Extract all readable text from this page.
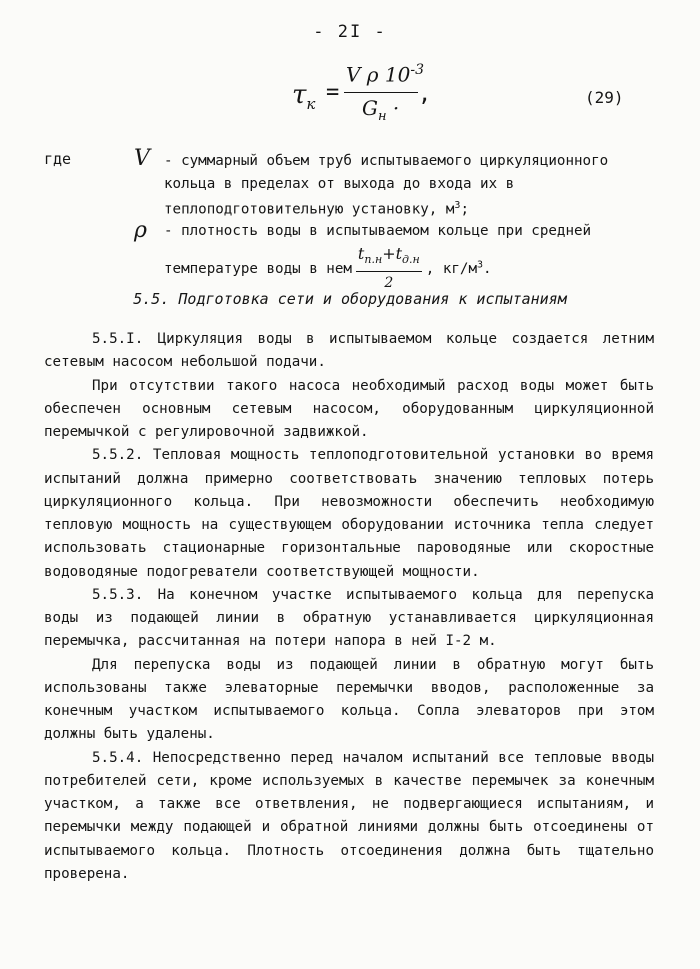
- 2I -
$\tau_к$ =
V ρ $10^{-3}$
$G_н$ ·
,	(29)
где	V - суммарный объем труб испытываемого циркуляционного кольца в пределах от выхода до входа их в теплоподготовительную установку, $м^3$;
ρ - плотность воды в испытываемом кольце при средней температуре воды в нем
$t_{п.н}+t_{д.н}$
2
, $кг/м^3$.
5.5. Подготовка сети и оборудования к испытаниям

5.5.I. Циркуляция воды в испытываемом кольце создается летним сетевым насосом небольшой подачи.

При отсутствии такого насоса необходимый расход воды может быть обеспечен основным сетевым насосом, оборудованным циркуляционной перемычкой с регулировочной задвижкой.

5.5.2. Тепловая мощность теплоподготовительной установки во время испытаний должна примерно соответствовать значению тепловых потерь циркуляционного кольца. При невозможности обеспечить необходимую тепловую мощность на существующем оборудовании источника тепла следует использовать стационарные горизонтальные пароводяные или скоростные водоводяные подогреватели соответствующей мощности.

5.5.3. На конечном участке испытываемого кольца для перепуска воды из подающей линии в обратную устанавливается циркуляционная перемычка, рассчитанная на потери напора в ней I-2 м.

Для перепуска воды из подающей линии в обратную могут быть использованы также элеваторные перемычки вводов, расположенные за конечным участком испытываемого кольца. Сопла элеваторов при этом должны быть удалены.

5.5.4. Непосредственно перед началом испытаний все тепловые вводы потребителей сети, кроме используемых в качестве перемычек за конечным участком, а также все ответвления, не подвергающиеся испытаниям, и перемычки между подающей и обратной линиями должны быть отсоединены от испытываемого кольца. Плотность отсоединения должна быть тщательно проверена.
